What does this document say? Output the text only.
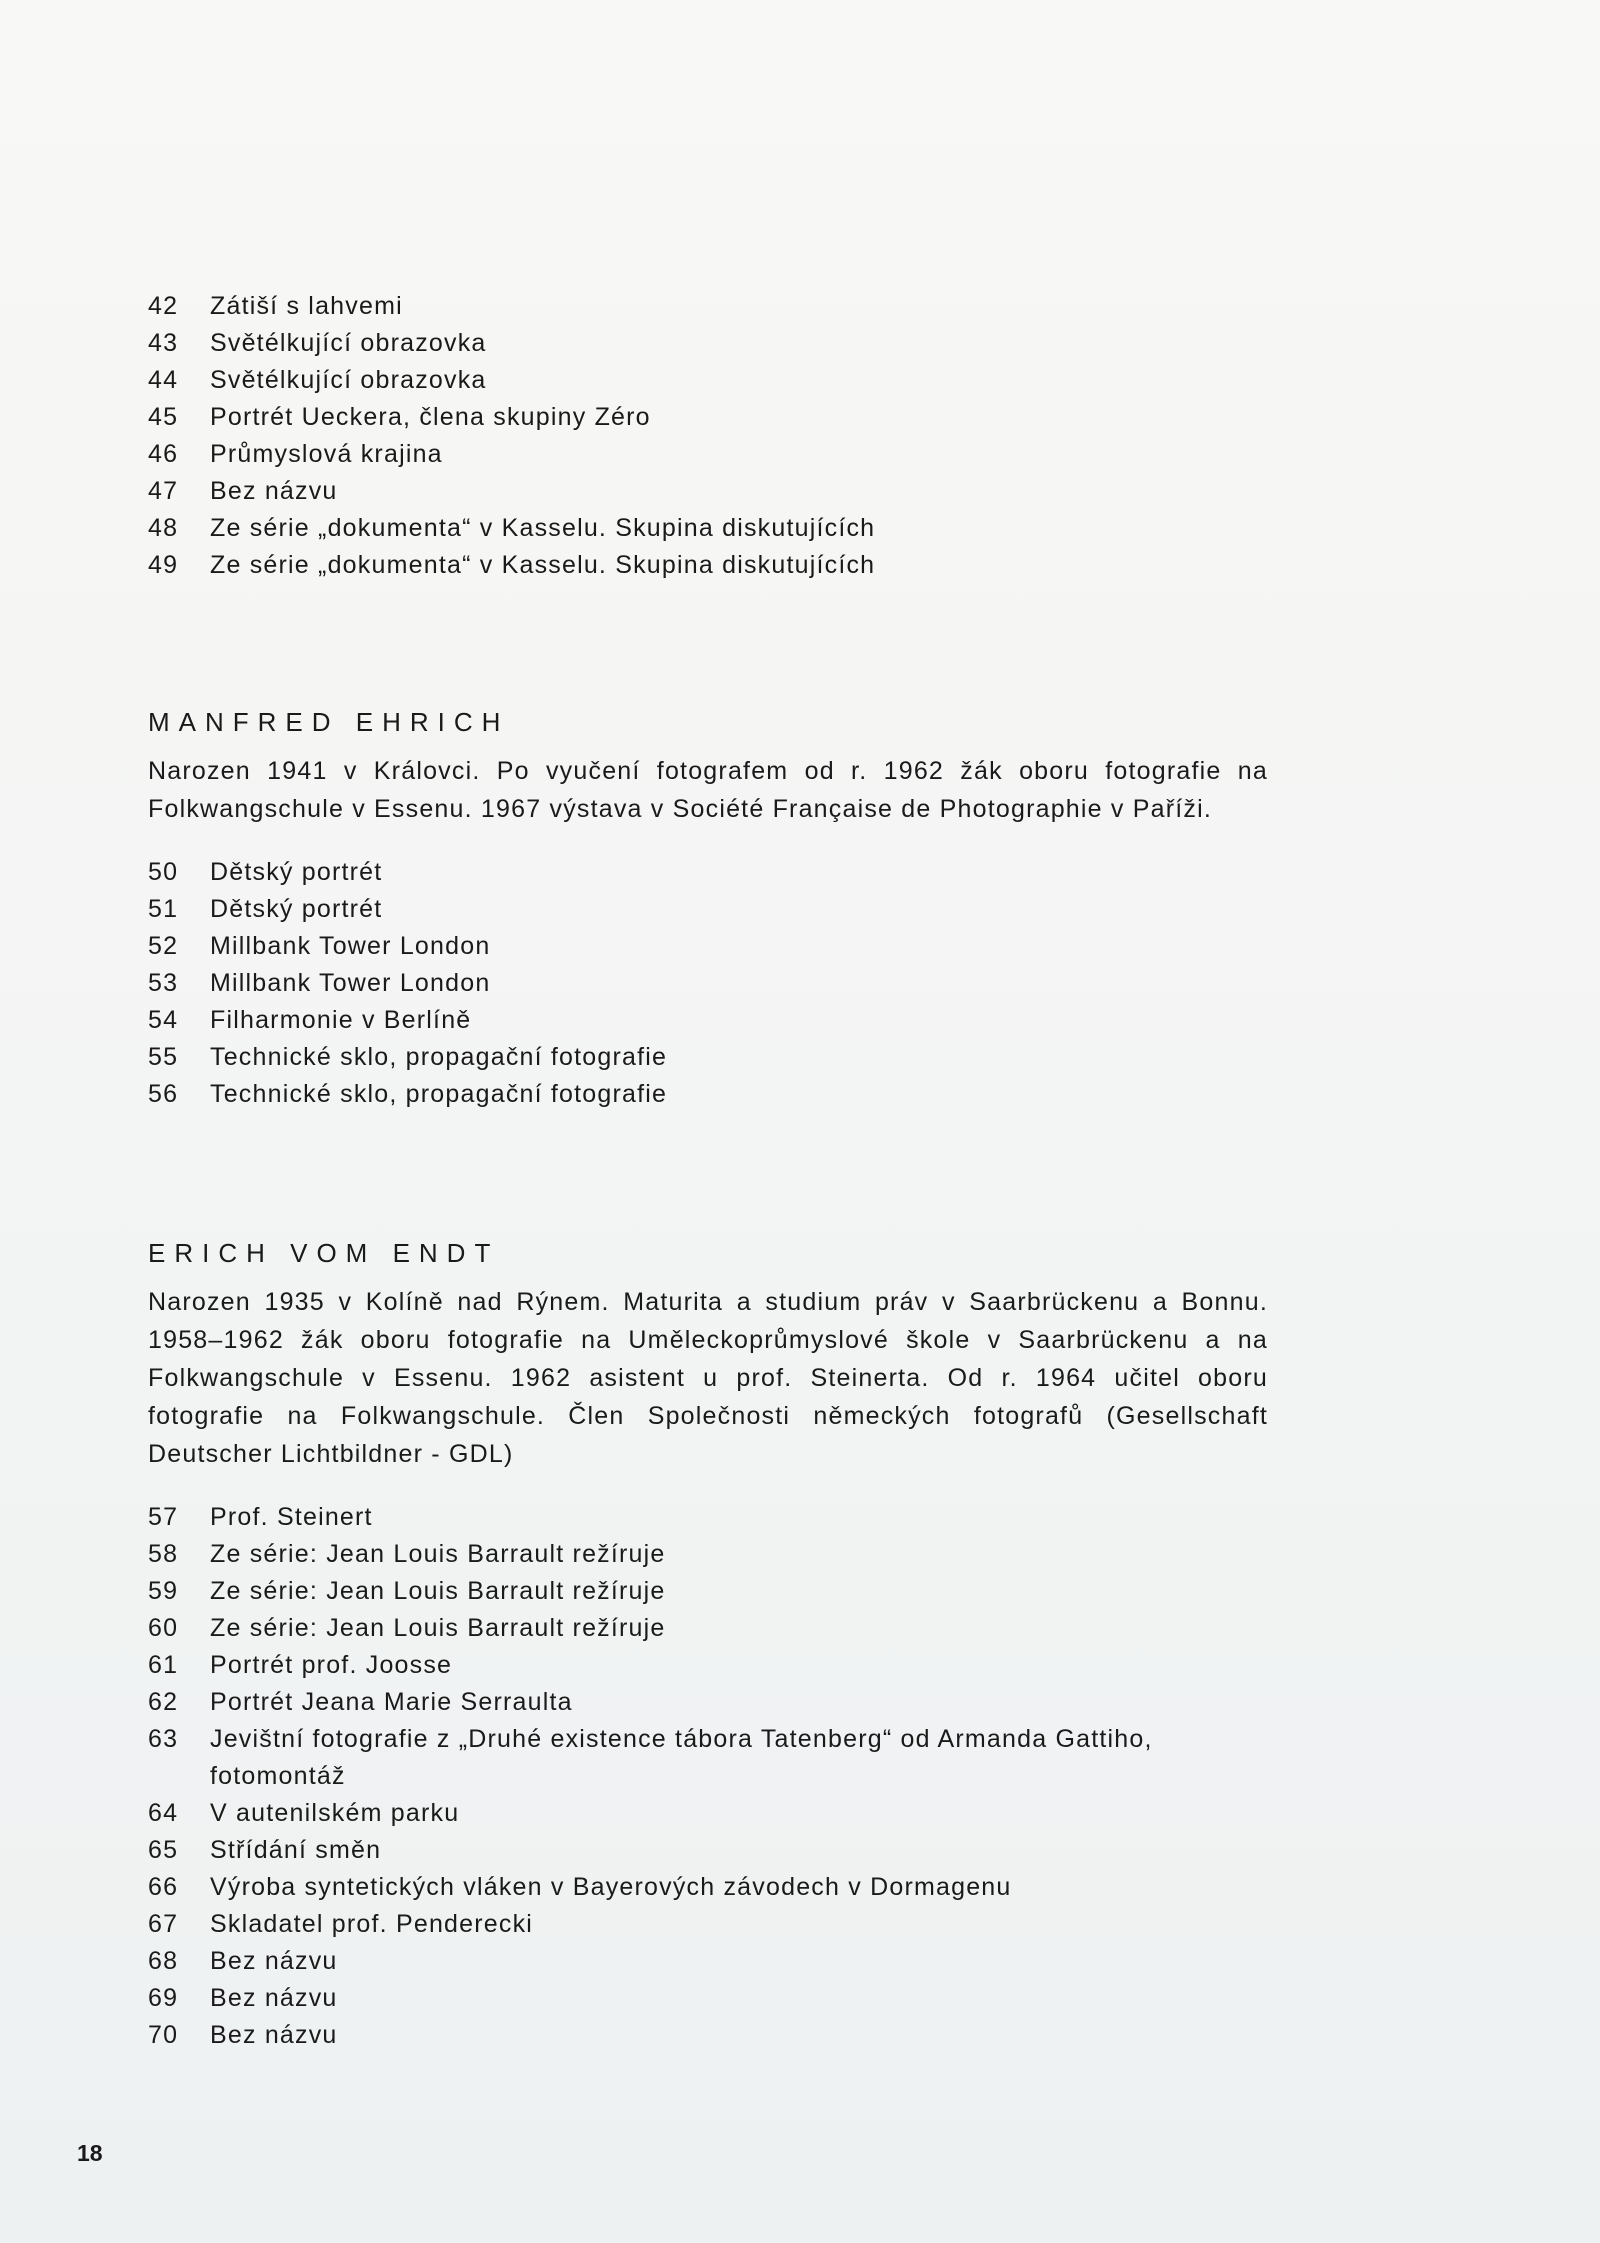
42	Zátiší s lahvemi
43	Světélkující obrazovka
44	Světélkující obrazovka
45	Portrét Ueckera, člena skupiny Zéro
46	Průmyslová krajina
47	Bez názvu
48	Ze série „dokumenta“ v Kasselu. Skupina diskutujících
49	Ze série „dokumenta“ v Kasselu. Skupina diskutujících
MANFRED EHRICH

Narozen 1941 v Královci. Po vyučení fotografem od r. 1962 žák oboru fotografie na Folkwangschule v Essenu. 1967 výstava v Société Française de Photographie v Paříži.

50	Dětský portrét
51	Dětský portrét
52	Millbank Tower London
53	Millbank Tower London
54	Filharmonie v Berlíně
55	Technické sklo, propagační fotografie
56	Technické sklo, propagační fotografie
ERICH VOM ENDT

Narozen 1935 v Kolíně nad Rýnem. Maturita a studium práv v Saarbrückenu a Bonnu. 1958–1962 žák oboru fotografie na Uměleckoprůmyslové škole v Saarbrückenu a na Folkwangschule v Essenu. 1962 asistent u prof. Steinerta. Od r. 1964 učitel oboru fotografie na Folkwangschule. Člen Společnosti německých fotografů (Gesellschaft Deutscher Lichtbildner - GDL)

57	Prof. Steinert
58	Ze série: Jean Louis Barrault režíruje
59	Ze série: Jean Louis Barrault režíruje
60	Ze série: Jean Louis Barrault režíruje
61	Portrét prof. Joosse
62	Portrét Jeana Marie Serraulta
63	Jevištní fotografie z „Druhé existence tábora Tatenberg“ od Armanda Gattiho, fotomontáž
64	V autenilském parku
65	Střídání směn
66	Výroba syntetických vláken v Bayerových závodech v Dormagenu
67	Skladatel prof. Penderecki
68	Bez názvu
69	Bez názvu
70	Bez názvu
18
